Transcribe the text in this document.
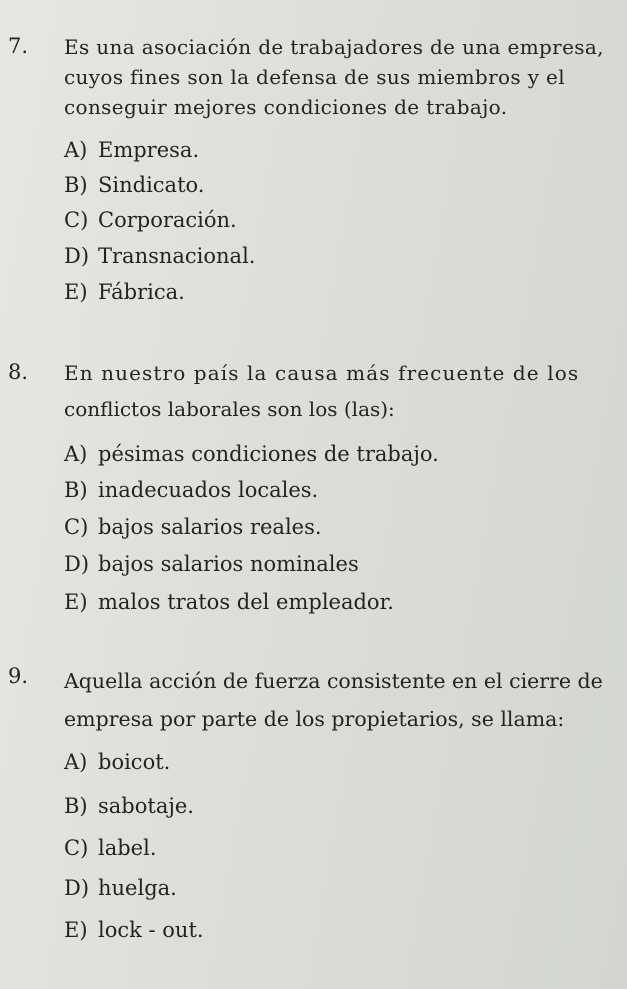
7. Es una asociación de trabajadores de una empresa,
cuyos fines son la defensa de sus miembros y el
conseguir mejores condiciones de trabajo.
A) Empresa.
B) Sindicato.
C) Corporación.
D) Transnacional.
E) Fábrica.
8. En nuestro país la causa más frecuente de los
conflictos laborales son los (las):
A) pésimas condiciones de trabajo.
B) inadecuados locales.
C) bajos salarios reales.
D) bajos salarios nominales
E) malos tratos del empleador.
9. Aquella acción de fuerza consistente en el cierre de
empresa por parte de los propietarios, se llama:
A) boicot.
B) sabotaje.
C) label.
D) huelga.
E) lock - out.
